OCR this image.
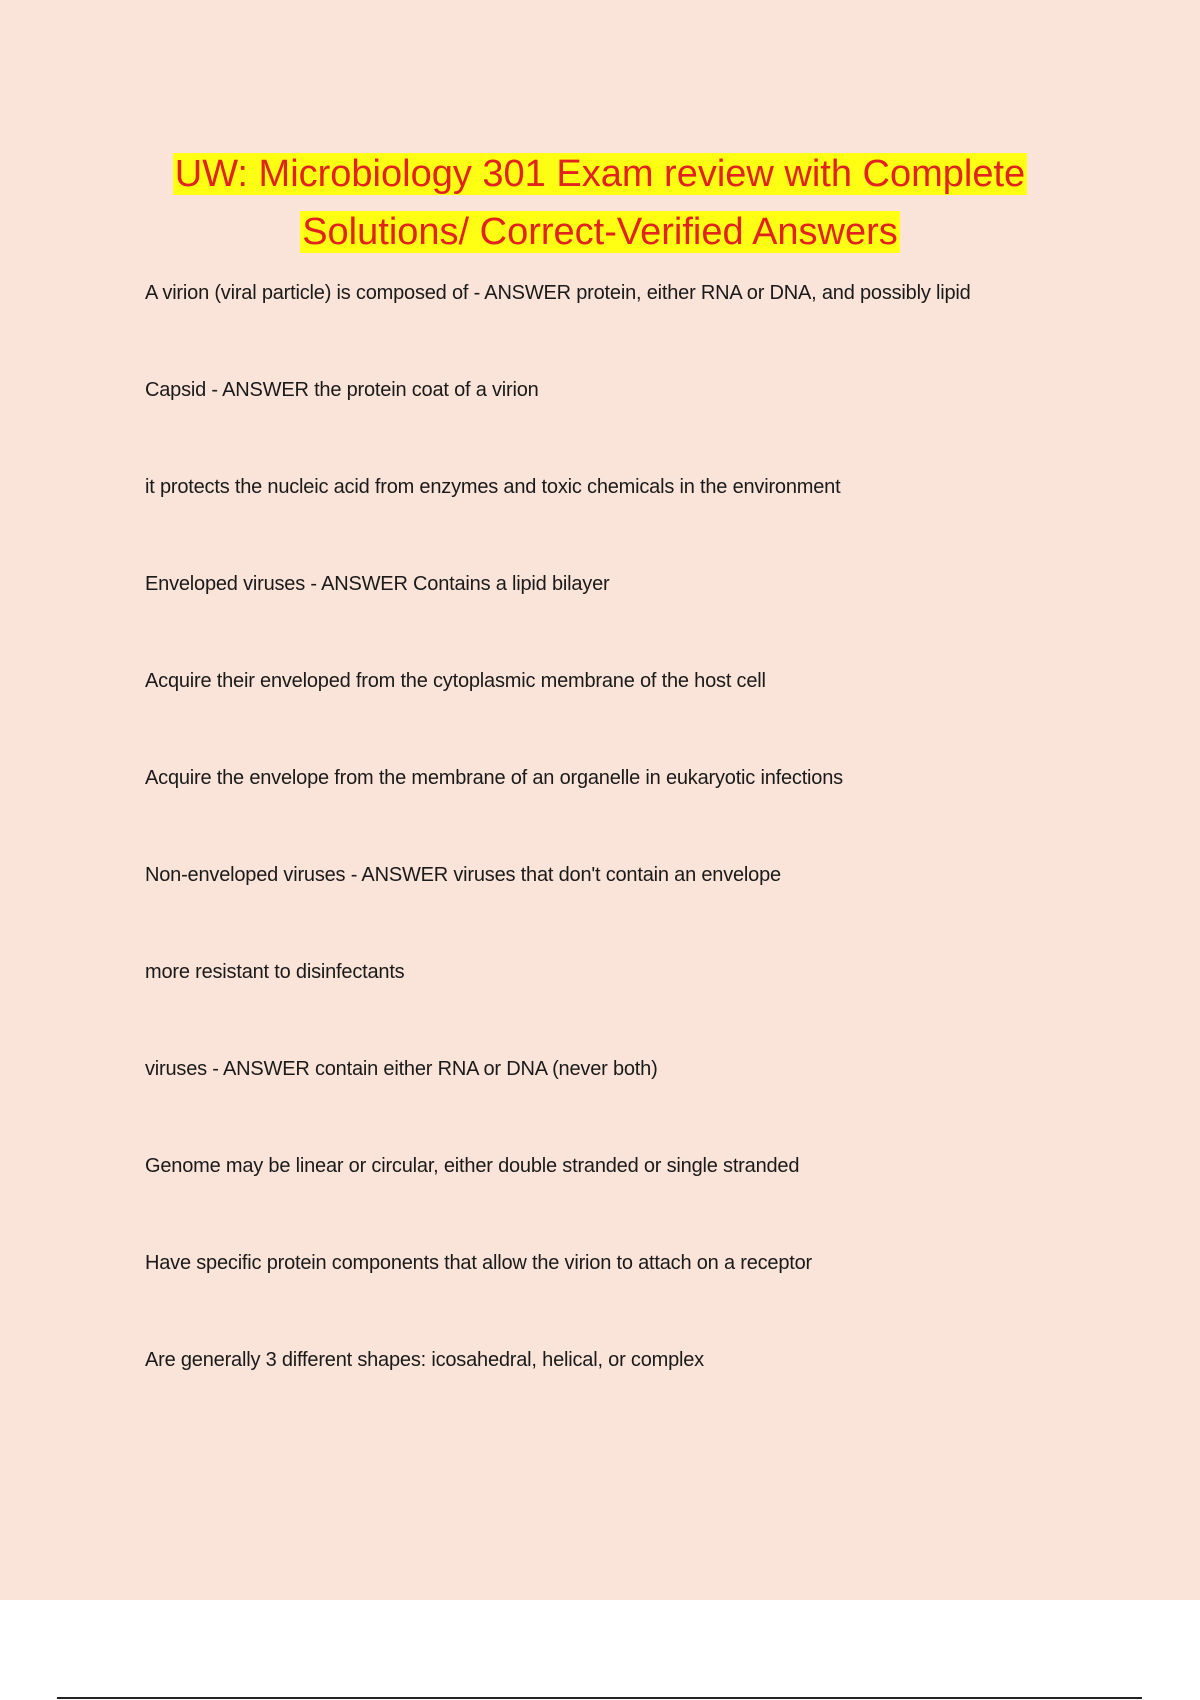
UW: Microbiology 301 Exam review with Complete
Solutions/ Correct-Verified Answers
A virion (viral particle) is composed of - ANSWER protein, either RNA or DNA, and possibly lipid
Capsid - ANSWER the protein coat of a virion
it protects the nucleic acid from enzymes and toxic chemicals in the environment
Enveloped viruses - ANSWER Contains a lipid bilayer
Acquire their enveloped from the cytoplasmic membrane of the host cell
Acquire the envelope from the membrane of an organelle in eukaryotic infections
Non-enveloped viruses - ANSWER viruses that don't contain an envelope
more resistant to disinfectants
viruses - ANSWER contain either RNA or DNA (never both)
Genome may be linear or circular, either double stranded or single stranded
Have specific protein components that allow the virion to attach on a receptor
Are generally 3 different shapes: icosahedral, helical, or complex
